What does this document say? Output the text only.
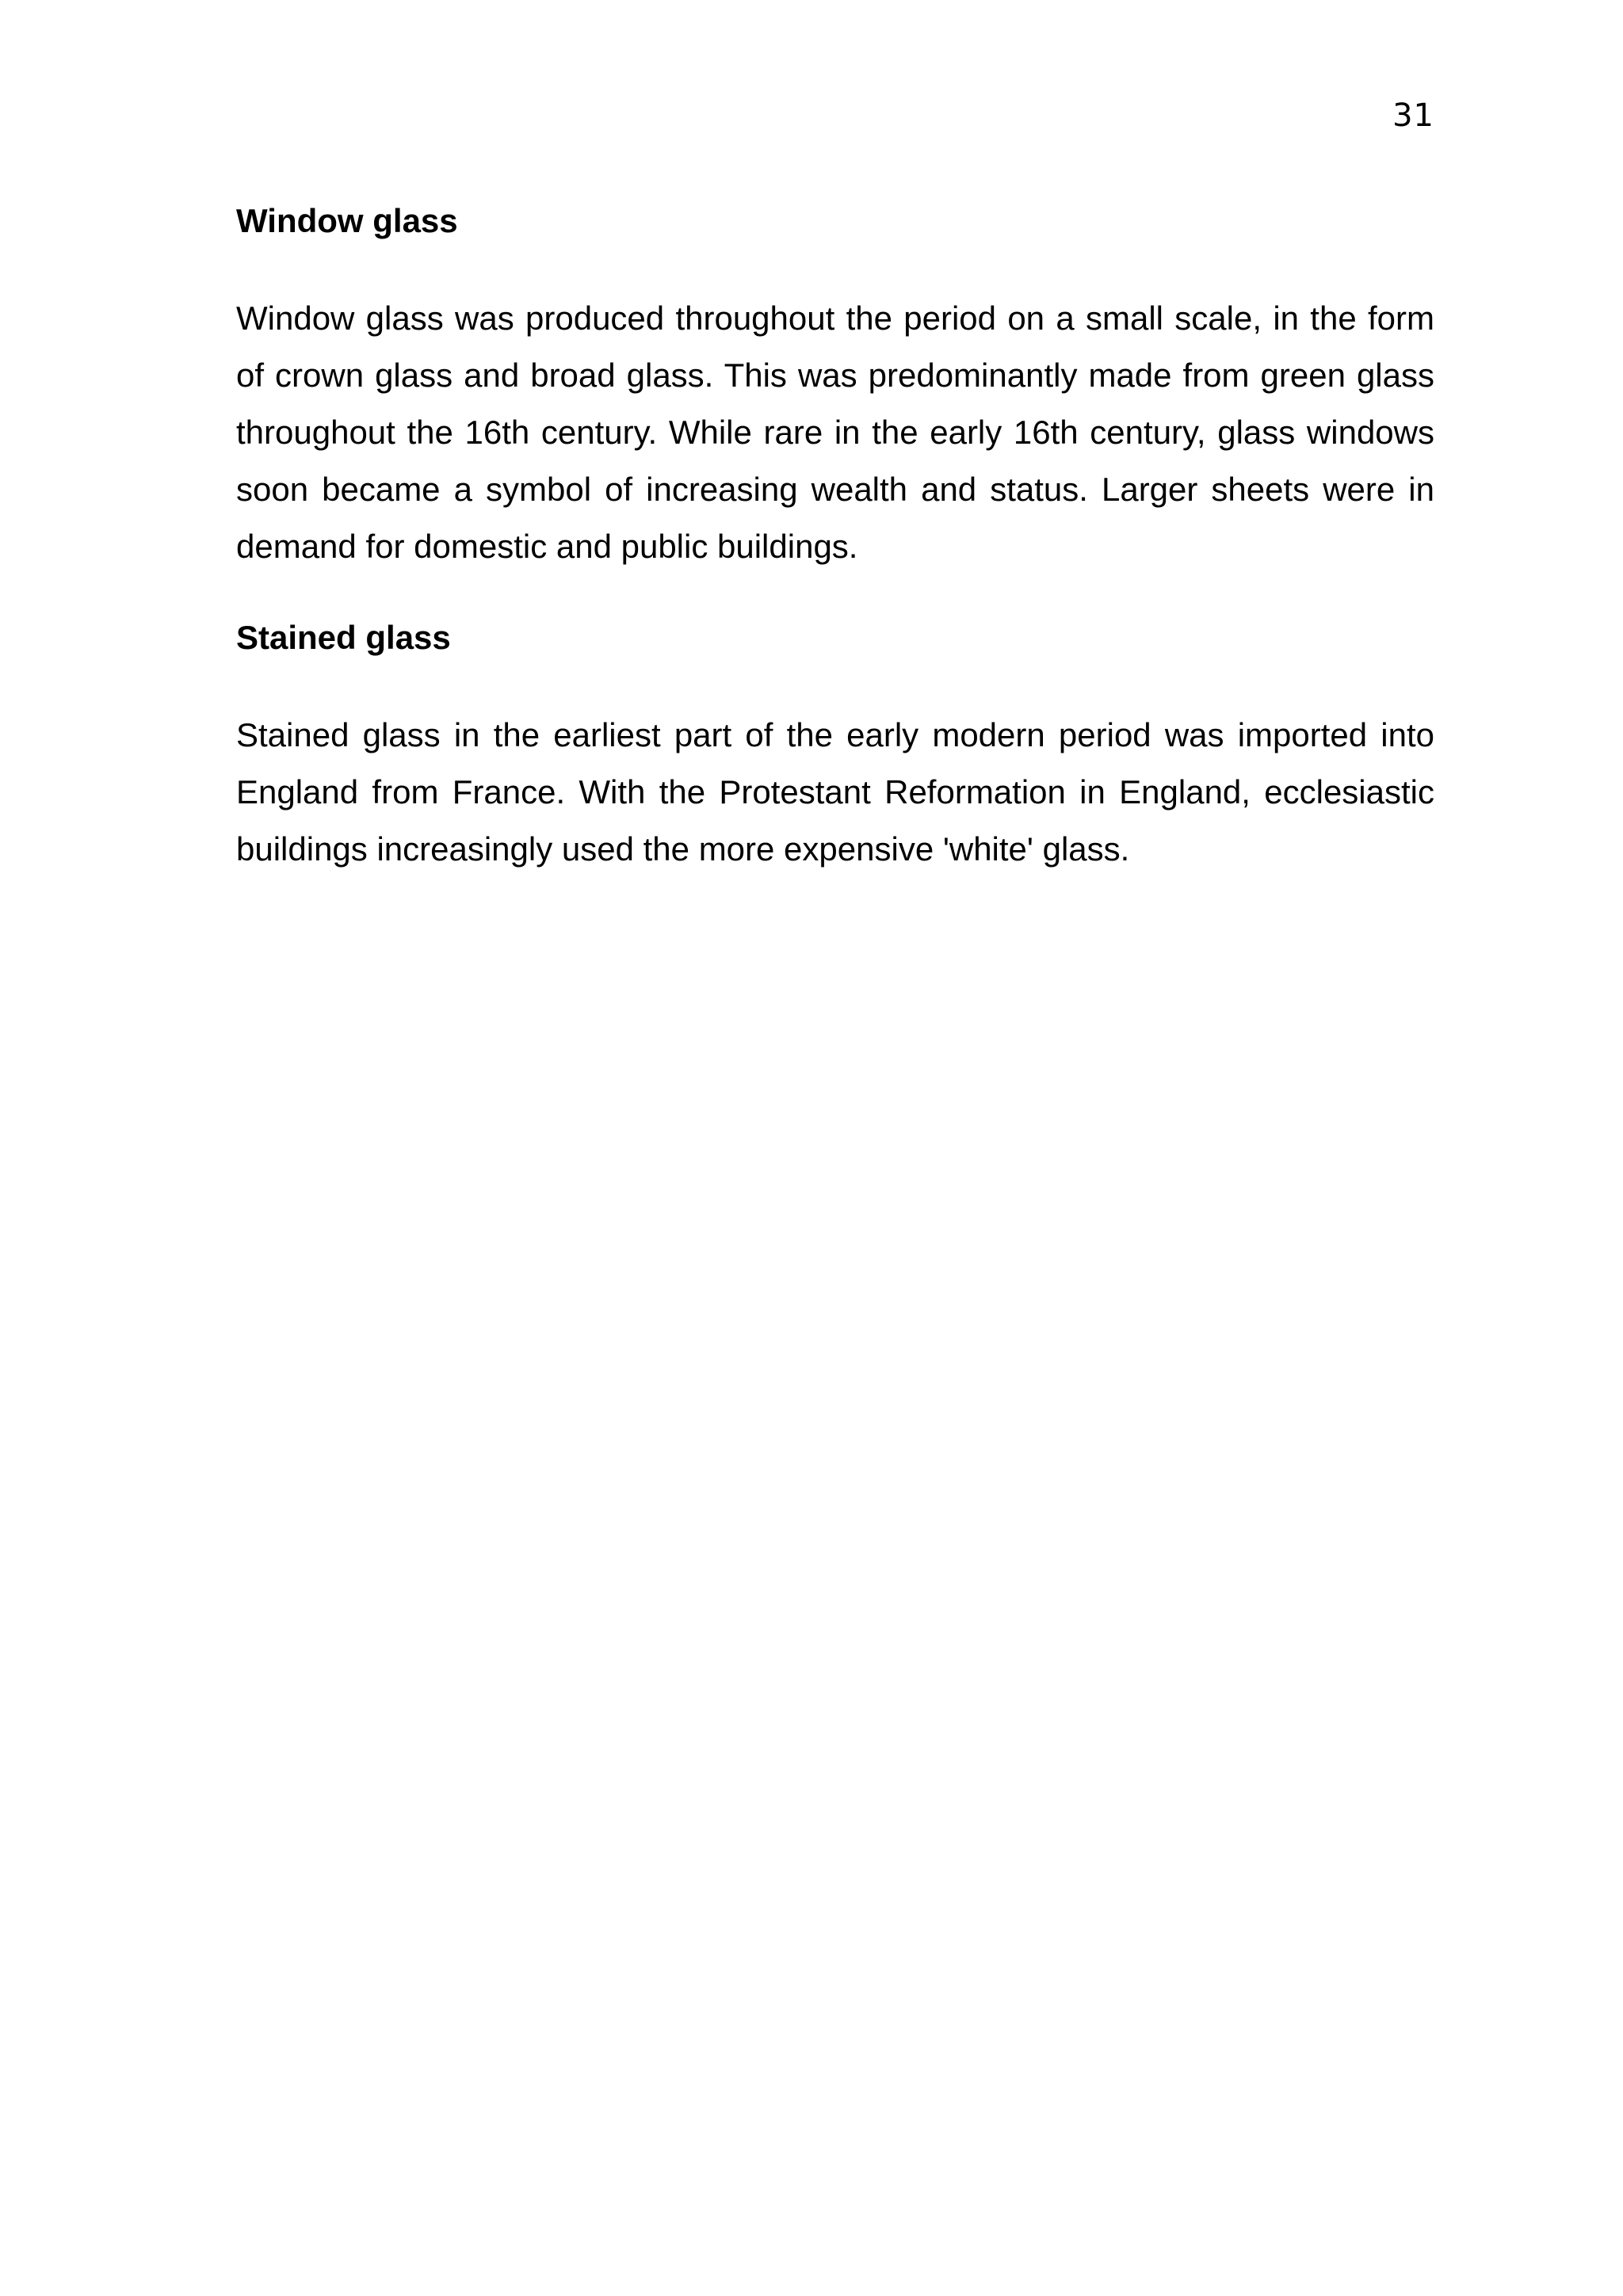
31
Window glass

Window glass was produced throughout the period on a small scale, in the form of crown glass and broad glass. This was predominantly made from green glass throughout the 16th century. While rare in the early 16th century, glass windows soon became a symbol of increasing wealth and status. Larger sheets were in demand for domestic and public buildings.

Stained glass

Stained glass in the earliest part of the early modern period was imported into England from France. With the Protestant Reformation in England, ecclesiastic buildings increasingly used the more expensive 'white' glass.
